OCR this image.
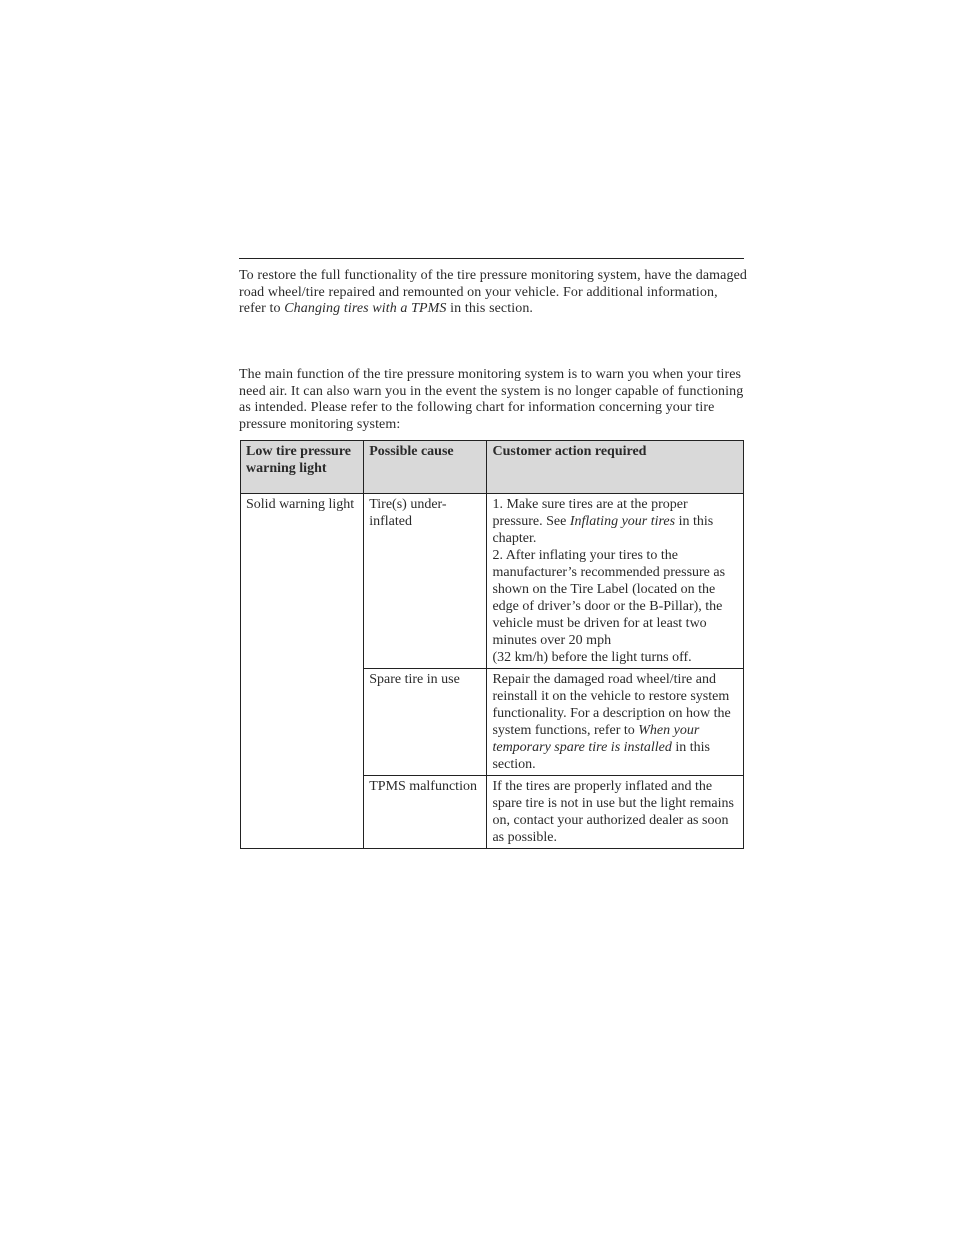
To restore the full functionality of the tire pressure monitoring system, have the damaged road wheel/tire repaired and remounted on your vehicle. For additional information, refer to Changing tires with a TPMS in this section.

The main function of the tire pressure monitoring system is to warn you when your tires need air. It can also warn you in the event the system is no longer capable of functioning as intended. Please refer to the following chart for information concerning your tire pressure monitoring system:

Low tire pressure warning light	Possible cause	Customer action required
Solid warning light	Tire(s) under-inflated	1. Make sure tires are at the proper pressure. See Inflating your tires in this chapter.
2. After inflating your tires to the manufacturer’s recommended pressure as shown on the Tire Label (located on the edge of driver’s door or the B-Pillar), the vehicle must be driven for at least two minutes over 20 mph
(32 km/h) before the light turns off.

	Spare tire in use	Repair the damaged road wheel/tire and reinstall it on the vehicle to restore system functionality. For a description on how the system functions, refer to When your temporary spare tire is installed in this section.
	TPMS malfunction	If the tires are properly inflated and the spare tire is not in use but the light remains on, contact your authorized dealer as soon as possible.
